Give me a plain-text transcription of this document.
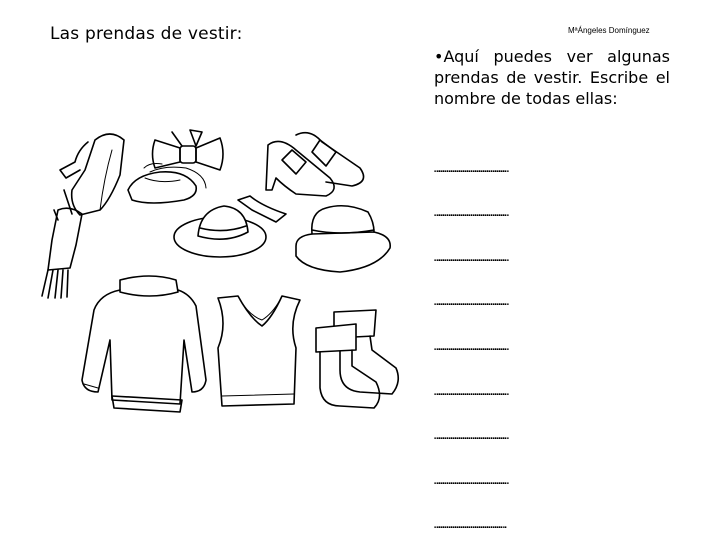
Las prendas de vestir:	MªÁngeles Domínguez
•Aquí puedes ver algunas prendas de vestir. Escribe el nombre de todas ellas:
………………………………………………
………………………………………………
………………………………………………
………………………………………………
………………………………………………
………………………………………………
………………………………………………
………………………………………………
…………………………………………….
